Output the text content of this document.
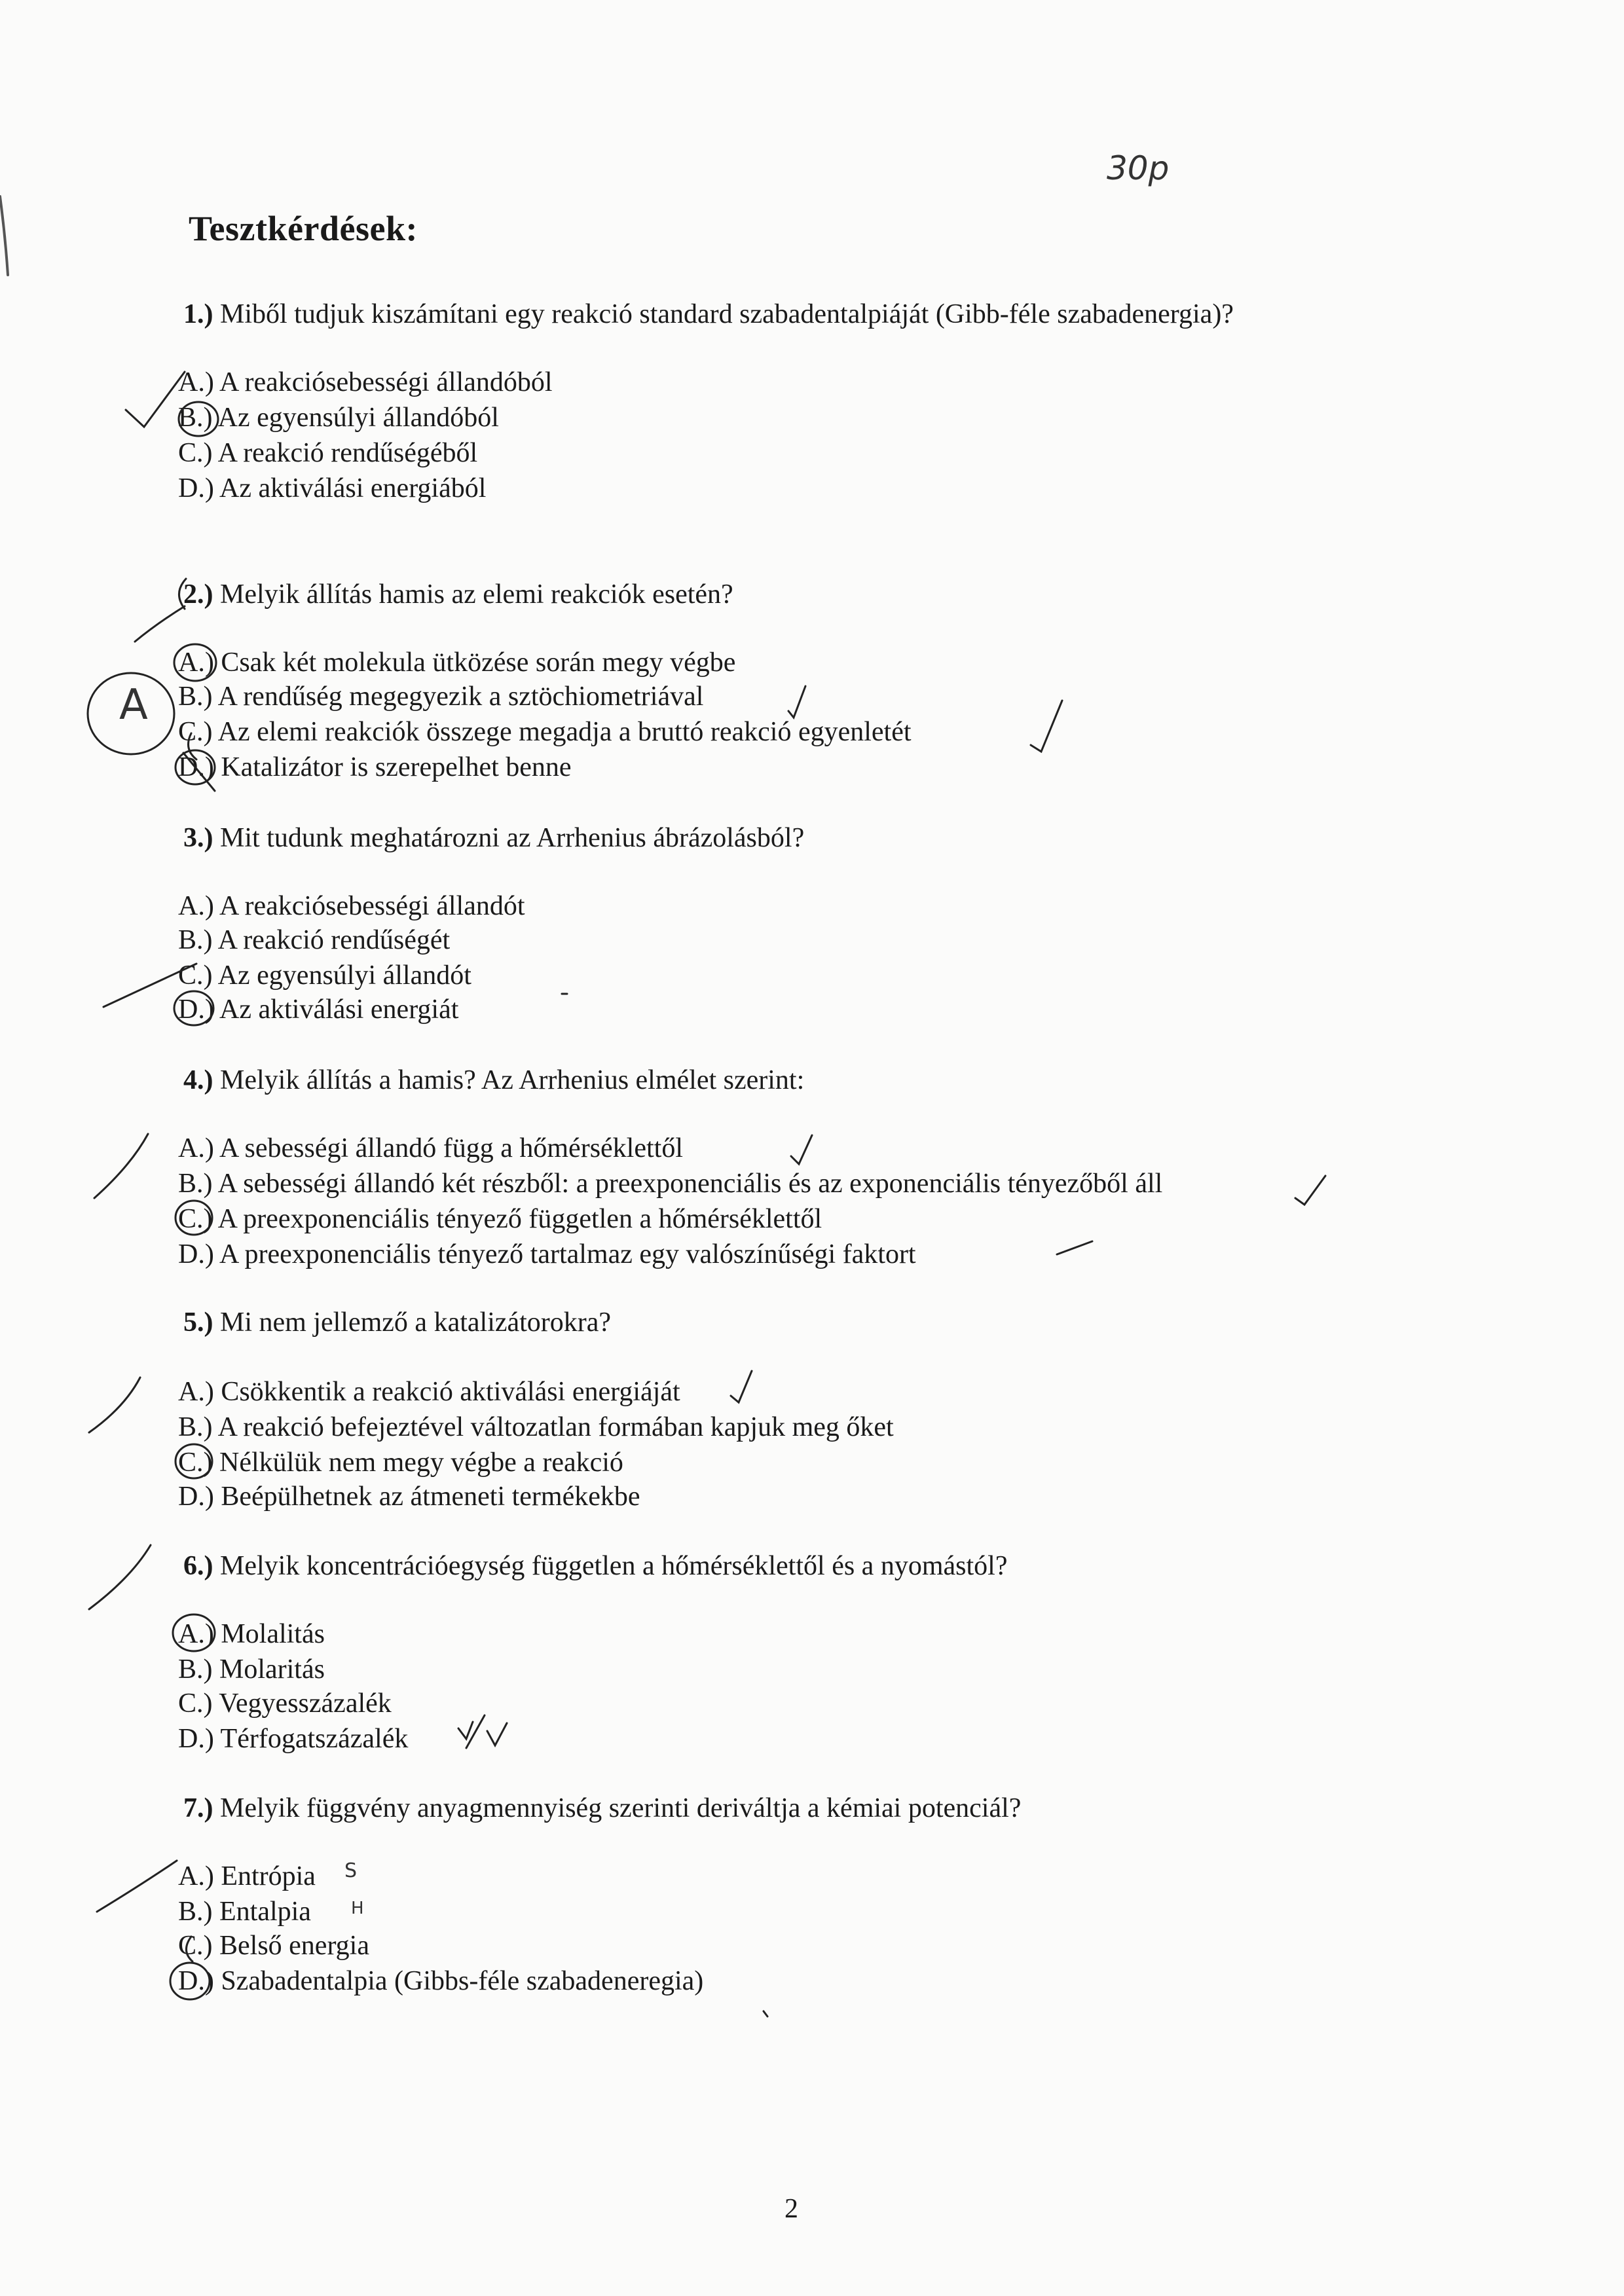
30p
Tesztkérdések:
1.) Miből tudjuk kiszámítani egy reakció standard szabadentalpiáját (Gibb-féle szabadenergia)?
A.) A reakciósebességi állandóból
B.) Az egyensúlyi állandóból
C.) A reakció rendűségéből
D.) Az aktiválási energiából
2.) Melyik állítás hamis az elemi reakciók esetén?
A.) Csak két molekula ütközése során megy végbe
B.) A rendűség megegyezik a sztöchiometriával
C.) Az elemi reakciók összege megadja a bruttó reakció egyenletét
D.) Katalizátor is szerepelhet benne
3.) Mit tudunk meghatározni az Arrhenius ábrázolásból?
A.) A reakciósebességi állandót
B.) A reakció rendűségét
C.) Az egyensúlyi állandót
D.) Az aktiválási energiát
4.) Melyik állítás a hamis? Az Arrhenius elmélet szerint:
A.) A sebességi állandó függ a hőmérséklettől
B.) A sebességi állandó két részből: a preexponenciális és az exponenciális tényezőből áll
C.) A preexponenciális tényező független a hőmérséklettől
D.) A preexponenciális tényező tartalmaz egy valószínűségi faktort
5.) Mi nem jellemző a katalizátorokra?
A.) Csökkentik a reakció aktiválási energiáját
B.) A reakció befejeztével változatlan formában kapjuk meg őket
C.) Nélkülük nem megy végbe a reakció
D.) Beépülhetnek az átmeneti termékekbe
6.) Melyik koncentrációegység független a hőmérséklettől és a nyomástól?
A.) Molalitás
B.) Molaritás
C.) Vegyesszázalék
D.) Térfogatszázalék
7.) Melyik függvény anyagmennyiség szerinti deriváltja a kémiai potenciál?
A.) Entrópia
B.) Entalpia
C.) Belső energia
D.) Szabadentalpia (Gibbs-féle szabadeneregia)
A
S
H
2
